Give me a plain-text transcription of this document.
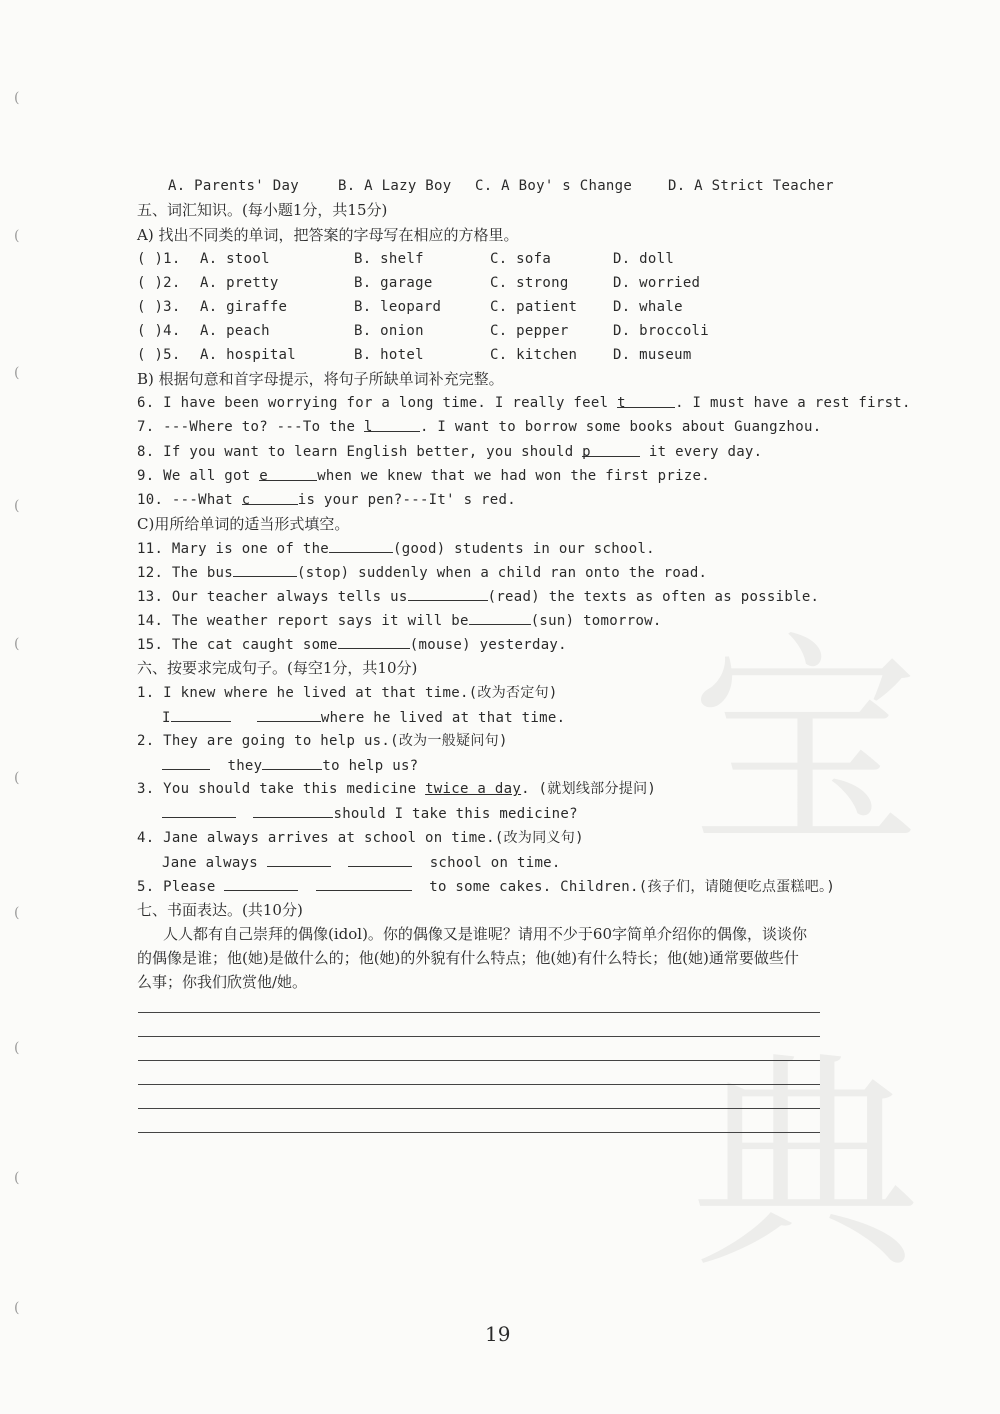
(
(
(
(
(
(
(
(
(
(
宝
典
A. Parents' Day	B. A Lazy Boy C. A Boy' s Change	D. A Strict Teacher
五、词汇知识。(每小题1分，共15分)
A) 找出不同类的单词，把答案的字母写在相应的方格里。
( )1. A. stool	B. shelf	C. sofa	D. doll
( )2. A. pretty	B. garage	C. strong	D. worried
( )3. A. giraffe	B. leopard	C. patient	D. whale
( )4. A. peach	B. onion	C. pepper	D. broccoli
( )5. A. hospital	B. hotel	C. kitchen	D. museum
B) 根据句意和首字母提示，将句子所缺单词补充完整。
6. I have been worrying for a long time. I really feel t	. I must have a rest first.
7. ---Where to? ---To the l	. I want to borrow some books about Guangzhou.
8. If you want to learn English better, you should p	it every day.
9. We all got e	when we knew that we had won the first prize.
10. ---What c	is your pen?---It' s red.
C)用所给单词的适当形式填空。
11. Mary is one of the	(good) students in our school.
12. The bus	(stop) suddenly when a child ran onto the road.
13. Our teacher always tells us	(read) the texts as often as possible.
14. The weather report says it will be	(sun) tomorrow.
15. The cat caught some	(mouse) yesterday.
六、按要求完成句子。(每空1分，共10分)
1. I knew where he lived at that time.(改为否定句)
I	where he lived at that time.
2. They are going to help us.(改为一般疑问句)
they	to help us?
3. You should take this medicine twice a day. (就划线部分提问)
should I take this medicine?
4. Jane always arrives at school on time.(改为同义句)
Jane always	school on time.
5. Please	to some cakes. Children.(孩子们，请随便吃点蛋糕吧。)
七、书面表达。(共10分)
人人都有自己崇拜的偶像(idol)。你的偶像又是谁呢？请用不少于60字简单介绍你的偶像，谈谈你
的偶像是谁；他(她)是做什么的；他(她)的外貌有什么特点；他(她)有什么特长；他(她)通常要做些什
么事；你我们欣赏他/她。
19
